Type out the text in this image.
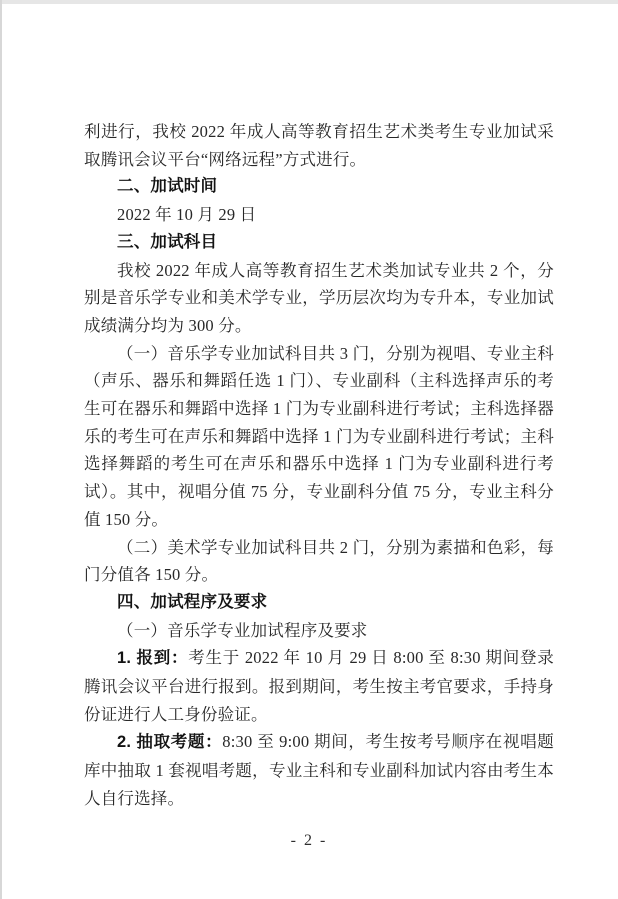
利进行，我校 2022 年成人高等教育招生艺术类考生专业加试采取腾讯会议平台“网络远程”方式进行。

二、加试时间

2022 年 10 月 29 日

三、加试科目

我校 2022 年成人高等教育招生艺术类加试专业共 2 个，分别是音乐学专业和美术学专业，学历层次均为专升本，专业加试成绩满分均为 300 分。

（一）音乐学专业加试科目共 3 门，分别为视唱、专业主科（声乐、器乐和舞蹈任选 1 门）、专业副科（主科选择声乐的考生可在器乐和舞蹈中选择 1 门为专业副科进行考试；主科选择器乐的考生可在声乐和舞蹈中选择 1 门为专业副科进行考试；主科选择舞蹈的考生可在声乐和器乐中选择 1 门为专业副科进行考试）。其中，视唱分值 75 分，专业副科分值 75 分，专业主科分值 150 分。

（二）美术学专业加试科目共 2 门，分别为素描和色彩，每门分值各 150 分。

四、加试程序及要求

（一）音乐学专业加试程序及要求

1. 报到：考生于 2022 年 10 月 29 日 8:00 至 8:30 期间登录腾讯会议平台进行报到。报到期间，考生按主考官要求，手持身份证进行人工身份验证。

2. 抽取考题：8:30 至 9:00 期间，考生按考号顺序在视唱题库中抽取 1 套视唱考题，专业主科和专业副科加试内容由考生本人自行选择。

- 2 -
